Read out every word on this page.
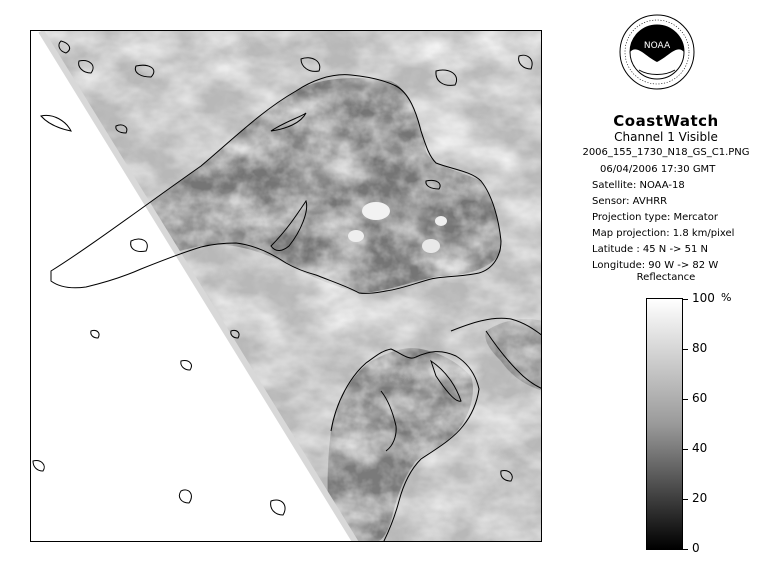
NOAA
CoastWatch
Channel 1 Visible
2006_155_1730_N18_GS_C1.PNG
06/04/2006 17:30 GMT
Satellite: NOAA-18
Sensor: AVHRR
Projection type: Mercator
Map projection: 1.8 km/pixel
Latitude : 45 N -> 51 N
Longitude: 90 W -> 82 W
Reflectance
%
100
80
60
40
20
0
